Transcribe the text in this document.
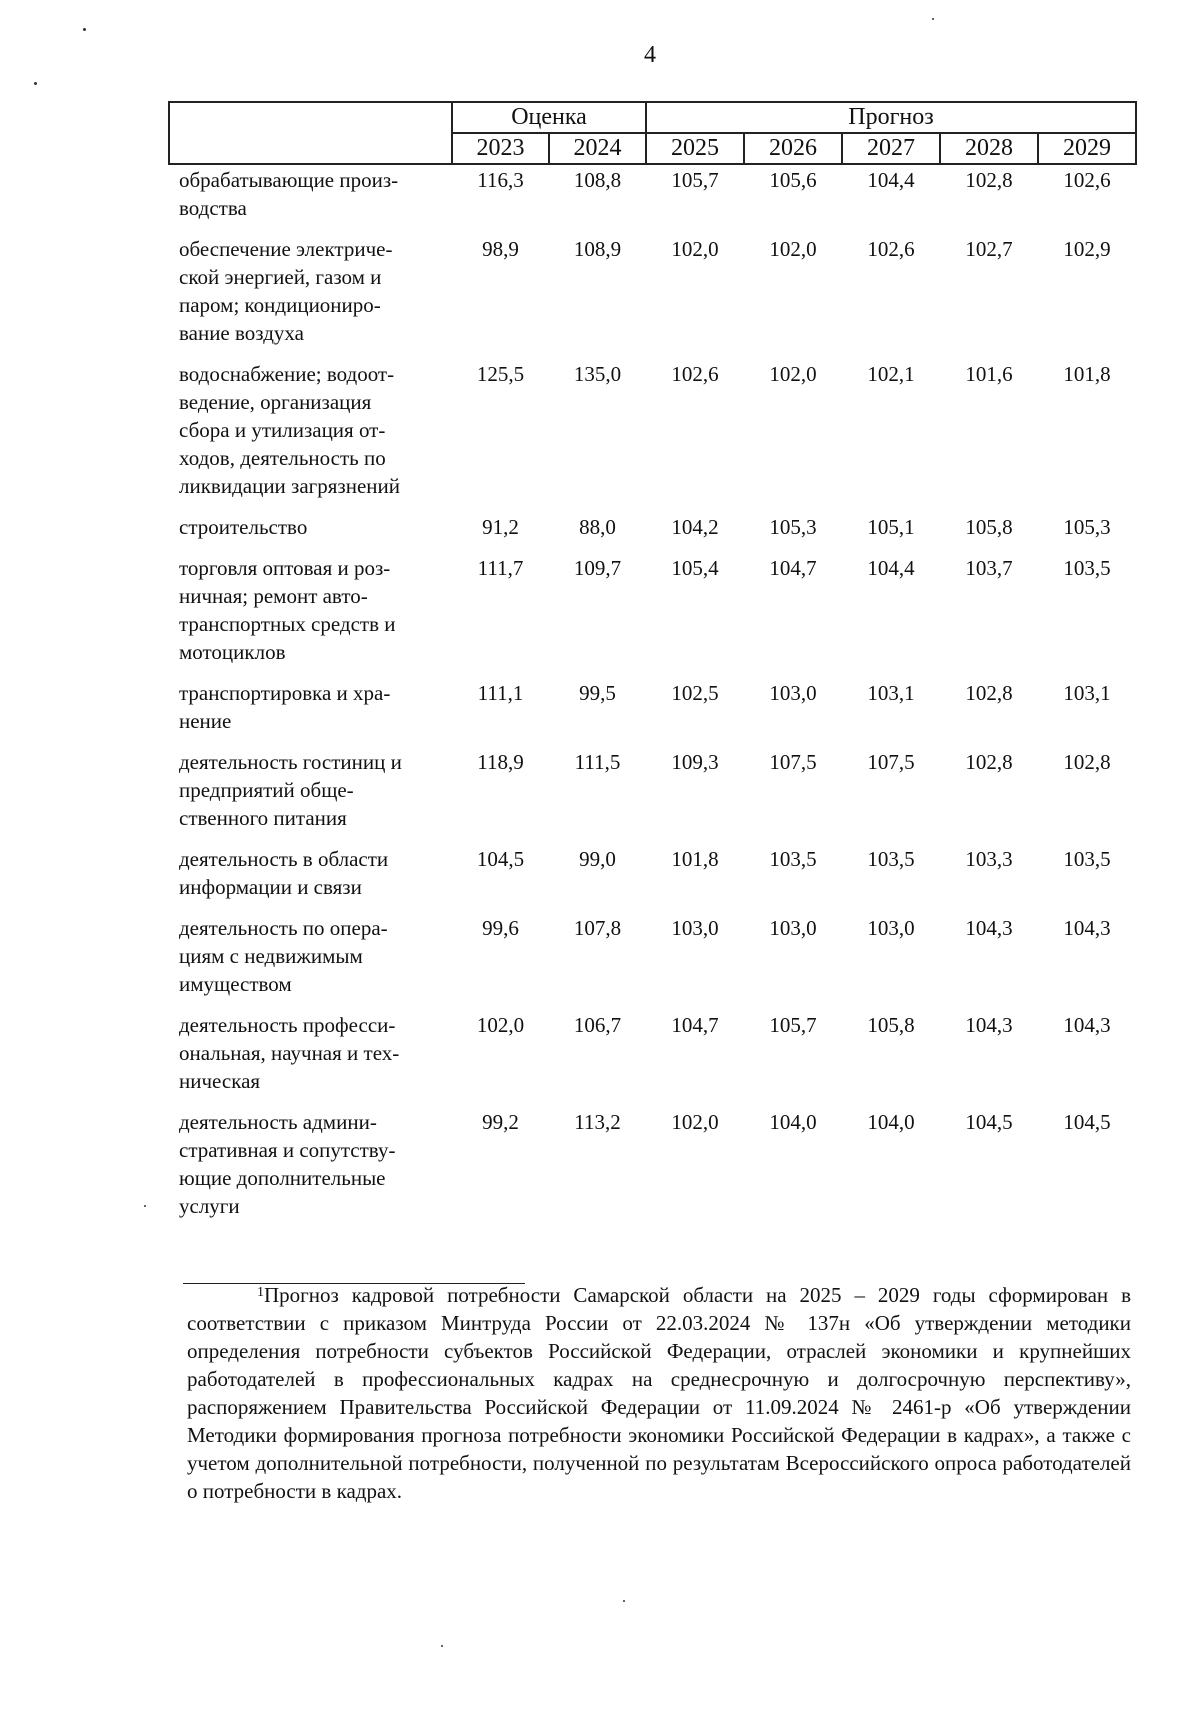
4
	Оценка		Прогноз				
	2023	2024	2025	2026	2027	2028	2029
обрабатывающие произ-
водства	116,3	108,8	105,7	105,6	104,4	102,8	102,6
обеспечение электриче-
ской энергией, газом и
паром; кондициониро-
вание воздуха	98,9	108,9	102,0	102,0	102,6	102,7	102,9
водоснабжение; водоот-
ведение, организация
сбора и утилизация от-
ходов, деятельность по
ликвидации загрязнений	125,5	135,0	102,6	102,0	102,1	101,6	101,8
строительство	91,2	88,0	104,2	105,3	105,1	105,8	105,3
торговля оптовая и роз-
ничная; ремонт авто-
транспортных средств и
мотоциклов	111,7	109,7	105,4	104,7	104,4	103,7	103,5
транспортировка и хра-
нение	111,1	99,5	102,5	103,0	103,1	102,8	103,1
деятельность гостиниц и
предприятий обще-
ственного питания	118,9	111,5	109,3	107,5	107,5	102,8	102,8
деятельность в области
информации и связи	104,5	99,0	101,8	103,5	103,5	103,3	103,5
деятельность по опера-
циям с недвижимым
имуществом	99,6	107,8	103,0	103,0	103,0	104,3	104,3
деятельность професси-
ональная, научная и тех-
ническая	102,0	106,7	104,7	105,7	105,8	104,3	104,3
деятельность админи-
стративная и сопутству-
ющие дополнительные
услуги	99,2	113,2	102,0	104,0	104,0	104,5	104,5
$^1$Прогноз кадровой потребности Самарской области на 2025 – 2029 годы сформирован в соответствии с приказом Минтруда России от 22.03.2024 № 137н «Об утверждении методики определения потребности субъектов Российской Федерации, отраслей экономики и крупнейших работодателей в профессиональных кадрах на среднесрочную и долгосрочную перспективу», распоряжением Правительства Российской Федерации от 11.09.2024 № 2461-р «Об утверждении Методики формирования прогноза потребности экономики Российской Федерации в кадрах», а также с учетом дополнительной потребности, полученной по результатам Всероссийского опроса работодателей о потребности в кадрах.
